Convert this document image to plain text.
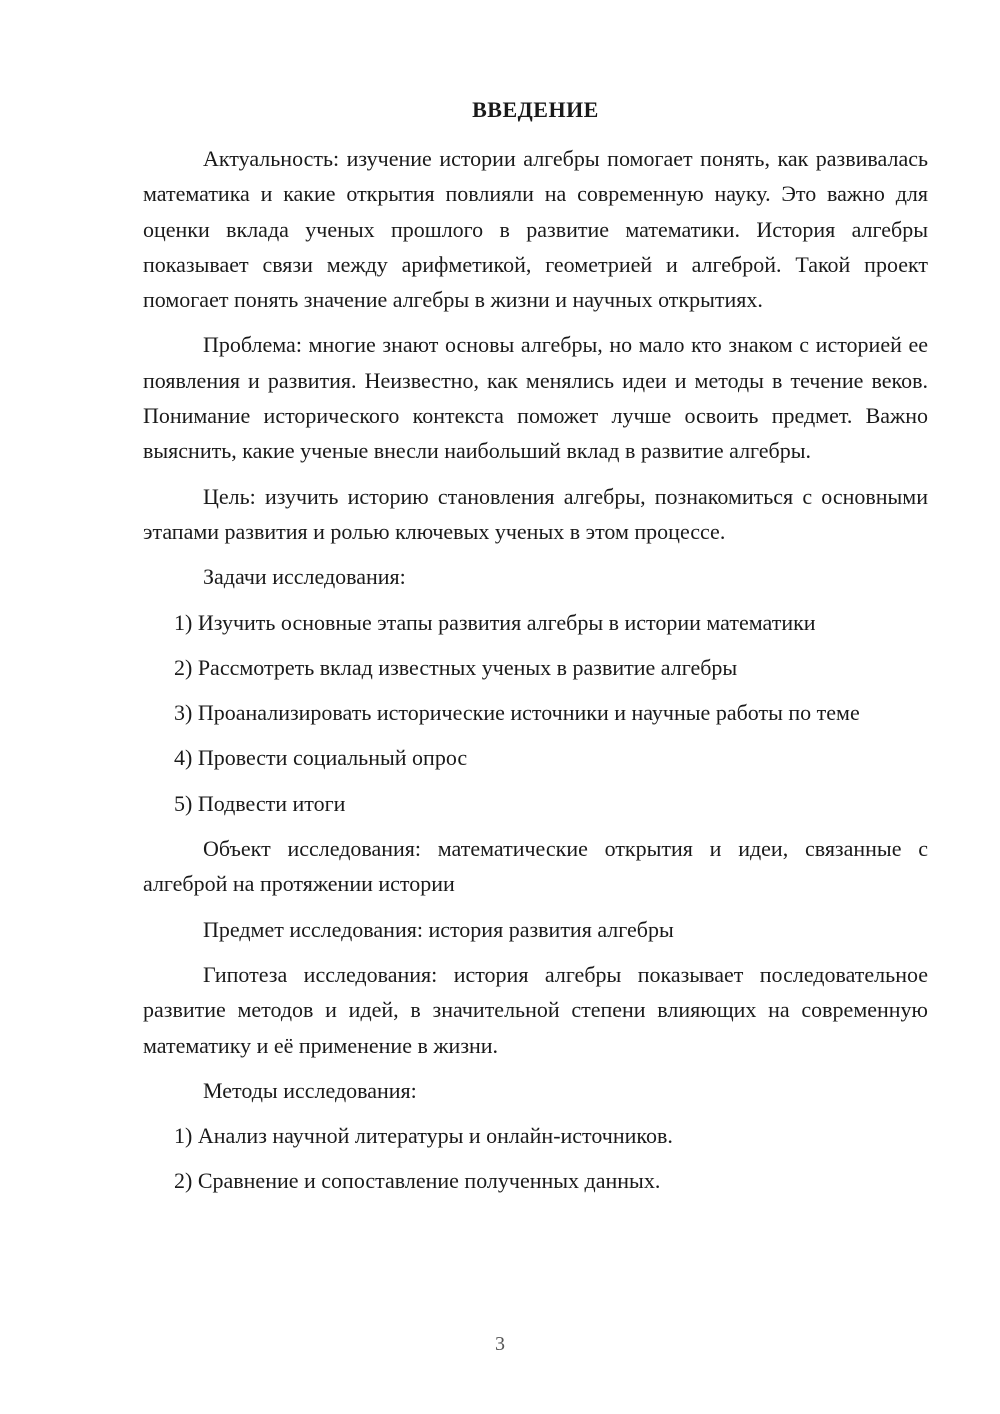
ВВЕДЕНИЕ

Актуальность: изучение истории алгебры помогает понять, как развивалась математика и какие открытия повлияли на современную науку. Это важно для оценки вклада ученых прошлого в развитие математики. История алгебры показывает связи между арифметикой, геометрией и алгеброй. Такой проект помогает понять значение алгебры в жизни и научных открытиях.

Проблема: многие знают основы алгебры, но мало кто знаком с историей ее появления и развития. Неизвестно, как менялись идеи и методы в течение веков. Понимание исторического контекста поможет лучше освоить предмет. Важно выяснить, какие ученые внесли наибольший вклад в развитие алгебры.

Цель: изучить историю становления алгебры, познакомиться с основными этапами развития и ролью ключевых ученых в этом процессе.

Задачи исследования:

1) Изучить основные этапы развития алгебры в истории математики

2) Рассмотреть вклад известных ученых в развитие алгебры

3) Проанализировать исторические источники и научные работы по теме

4) Провести социальный опрос

5) Подвести итоги

Объект исследования: математические открытия и идеи, связанные с алгеброй на протяжении истории

Предмет исследования: история развития алгебры

Гипотеза исследования: история алгебры показывает последовательное развитие методов и идей, в значительной степени влияющих на современную математику и её применение в жизни.

Методы исследования:

1) Анализ научной литературы и онлайн-источников.

2) Сравнение и сопоставление полученных данных.

3
